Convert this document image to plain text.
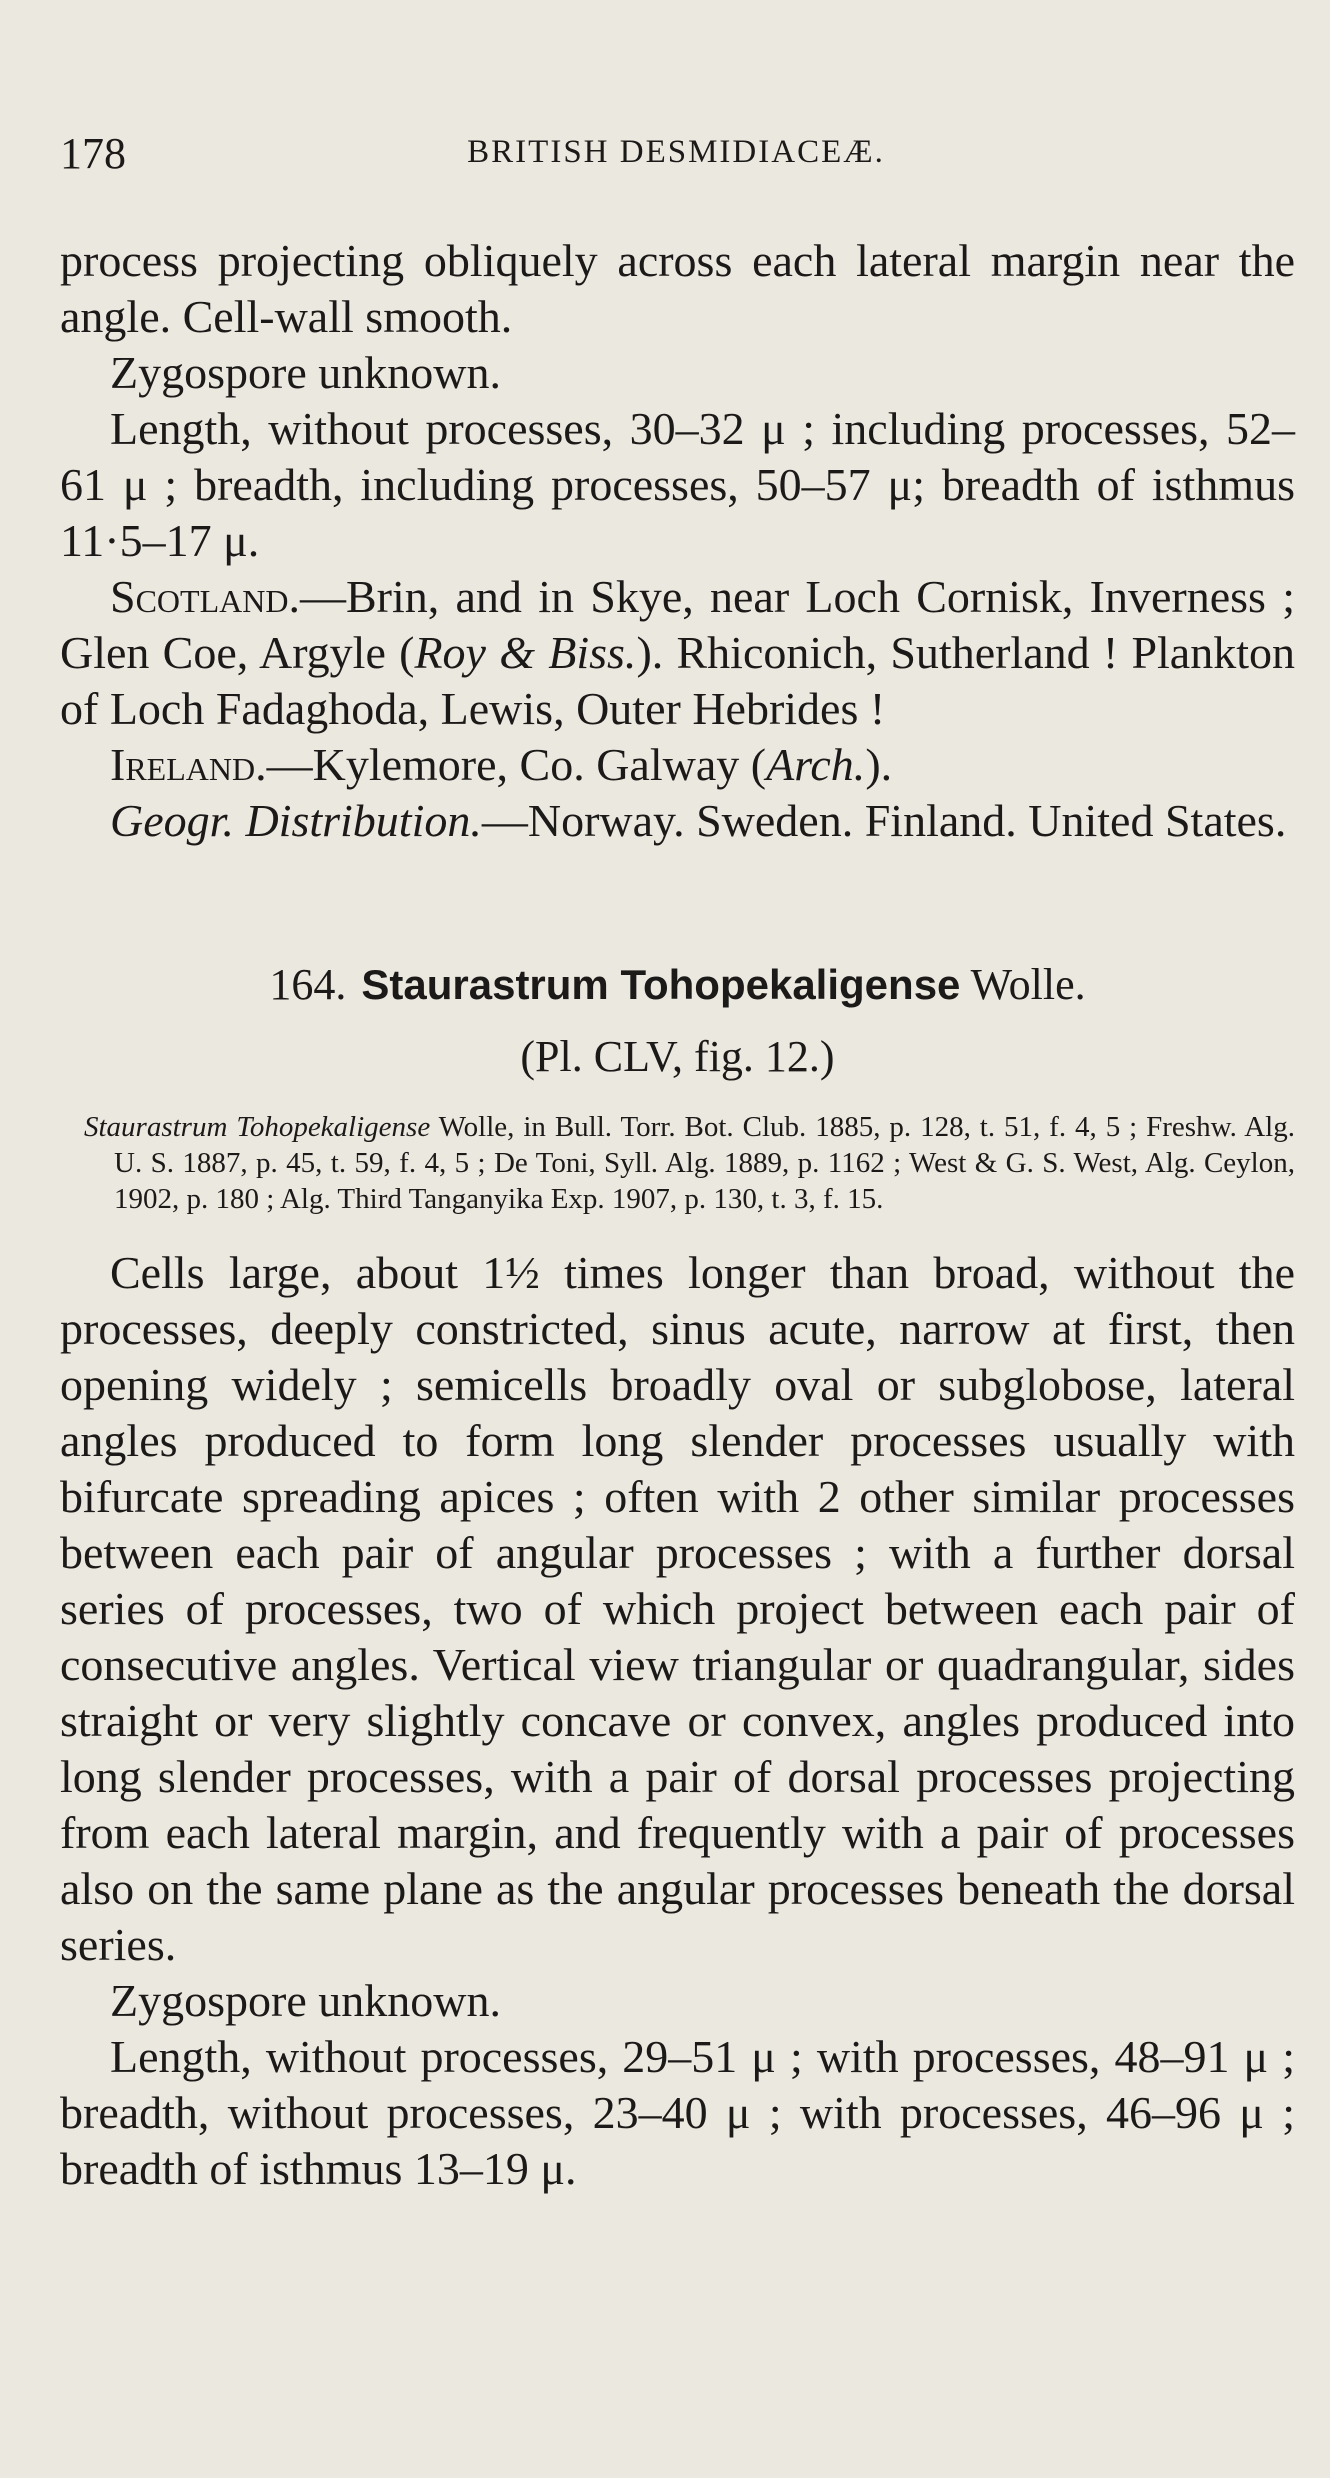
178	BRITISH DESMIDIACEÆ.

process projecting obliquely across each lateral margin near the angle. Cell-wall smooth.

Zygospore unknown.

Length, without processes, 30–32 μ ; including processes, 52–61 μ ; breadth, including processes, 50–57 μ; breadth of isthmus 11·5–17 μ.

Scotland.—Brin, and in Skye, near Loch Cornisk, Inverness ; Glen Coe, Argyle (Roy & Biss.). Rhiconich, Sutherland ! Plankton of Loch Fadaghoda, Lewis, Outer Hebrides !

Ireland.—Kylemore, Co. Galway (Arch.).

Geogr. Distribution.—Norway. Sweden. Finland. United States.

164. Staurastrum Tohopekaligense Wolle.
(Pl. CLV, fig. 12.)

Staurastrum Tohopekaligense Wolle, in Bull. Torr. Bot. Club. 1885, p. 128, t. 51, f. 4, 5 ; Freshw. Alg. U. S. 1887, p. 45, t. 59, f. 4, 5 ; De Toni, Syll. Alg. 1889, p. 1162 ; West & G. S. West, Alg. Ceylon, 1902, p. 180 ; Alg. Third Tanganyika Exp. 1907, p. 130, t. 3, f. 15.

Cells large, about 1½ times longer than broad, without the processes, deeply constricted, sinus acute, narrow at first, then opening widely ; semicells broadly oval or subglobose, lateral angles produced to form long slender processes usually with bifurcate spreading apices ; often with 2 other similar processes between each pair of angular processes ; with a further dorsal series of processes, two of which project between each pair of consecutive angles. Vertical view triangular or quadrangular, sides straight or very slightly concave or convex, angles produced into long slender processes, with a pair of dorsal processes projecting from each lateral margin, and frequently with a pair of processes also on the same plane as the angular processes beneath the dorsal series.

Zygospore unknown.

Length, without processes, 29–51 μ ; with processes, 48–91 μ ; breadth, without processes, 23–40 μ ; with processes, 46–96 μ ; breadth of isthmus 13–19 μ.
